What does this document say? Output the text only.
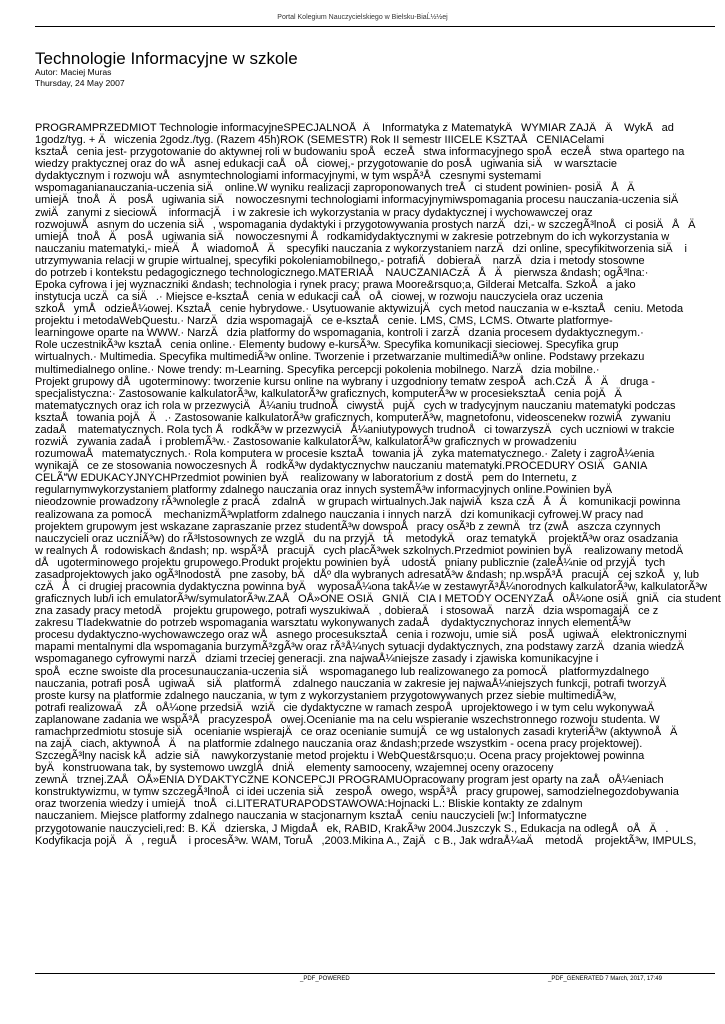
Portal Kolegium Nauczycielskiego w Bielsku-BiaĹ½½ej
Technologie Informacyjne w szkole
Autor: Maciej Muras
Thursday, 24 May 2007
PROGRAMPRZEDMIOT Technologie informacyjneSPECJALNOÅÄ Informatyka z MatematykÄWYMIAR ZAJÄÄ WykÅad
1godz/tyg. + Äwiczenia 2godz./tyg. (Razem 45h)ROK (SEMESTR) Rok II semestr IIICELE KSZTAÅCENIACelami
ksztaÅcenia jest- przygotowanie do aktywnej roli w budowaniu spoÅeczeÅstwa informacyjnego spoÅeczeÅstwa opartego na
wiedzy praktycznej oraz do wÅasnej edukacji caÅoÅciowej,- przygotowanie do posÅugiwania siÄ w warsztacie
dydaktycznym i rozwoju wÅasnymtechnologiami informacyjnymi, w tym wspÃ³Åczesnymi systemami
wspomaganianauczania-uczenia siÄ online.W wyniku realizacji zaproponowanych treÅci student powinien- posiÄÅÄ
umiejÄtnoÅÄ posÅugiwania siÄ nowoczesnymi technologiami informacyjnymiwspomagania procesu nauczania-uczenia siÄ
zwiÄzanymi z sieciowÄ informacjÄ i w zakresie ich wykorzystania w pracy dydaktycznej i wychowawczej oraz
rozwojuwÅasnym do uczenia siÄ, wspomagania dydaktyki i przygotowywania prostych narzÄdzi,- w szczegÃ³lnoÅci posiÄÅÄ
umiejÄtnoÅÄ posÅugiwania siÄ nowoczesnymi Årodkamidydaktycznymi w zakresie potrzebnym do ich wykorzystania w
nauczaniu matematyki,- mieÄ ÅwiadomoÅÄ specyfiki nauczania z wykorzystaniem narzÄdzi online, specyfikitworzenia siÄ i
utrzymywania relacji w grupie wirtualnej, specyfiki pokoleniamobilnego,- potrafiÄ dobieraÄ narzÄdzia i metody stosowne
do potrzeb i kontekstu pedagogicznego technologicznego.MATERIAÅ NAUCZANIACzÄÅÄ pierwsza &ndash; ogÃ³lna:·
Epoka cyfrowa i jej wyznaczniki &ndash; technologia i rynek pracy; prawa Moore&rsquo;a, Gilderai Metcalfa. SzkoÅa jako
instytucja uczÄca siÄ.· Miejsce e-ksztaÅcenia w edukacji caÅoÅciowej, w rozwoju nauczyciela oraz uczenia
szkoÅymÅodzieÅ¼owej. KsztaÅcenie hybrydowe.· Usytuowanie aktywizujÄcych metod nauczania w e-ksztaÅceniu. Metoda
projektu i metodaWebQuestu.· NarzÄdzia wspomagajÄce e-ksztaÅcenie. LMS, CMS, LCMS. Otwarte platformye-
learningowe oparte na WWW.· NarzÄdzia platformy do wspomagania, kontroli i zarzÄdzania procesem dydaktycznegym.·
Role uczestnikÃ³w ksztaÅcenia online.· Elementy budowy e-kursÃ³w. Specyfika komunikacji sieciowej. Specyfika grup
wirtualnych.· Multimedia. Specyfika multimediÃ³w online. Tworzenie i przetwarzanie multimediÃ³w online. Podstawy przekazu
multimedialnego online.· Nowe trendy: m-Learning. Specyfika percepcji pokolenia mobilnego. NarzÄdzia mobilne.·
Projekt grupowy dÅugoterminowy: tworzenie kursu online na wybrany i uzgodniony tematw zespoÅach.CzÄÅÄ druga -
specjalistyczna:· Zastosowanie kalkulatorÃ³w, kalkulatorÃ³w graficznych, komputerÃ³w w procesieksztaÅcenia pojÄÄ
matematycznych oraz ich rola w przezwyciÄÅ¼aniu trudnoÅciwystÄpujÄcych w tradycyjnym nauczaniu matematyki podczas
ksztaÅtowania pojÄÄ.· Zastosowanie kalkulatorÃ³w graficznych, komputerÃ³w, magnetofonu, videoscenekw rozwiÄzywaniu
zadaÅ matematycznych. Rola tych ÅrodkÃ³w w przezwyciÄÅ¼aniutypowych trudnoÅci towarzyszÄcych uczniowi w trakcie
rozwiÄzywania zadaÅi problemÃ³w.· Zastosowanie kalkulatorÃ³w, kalkulatorÃ³w graficznych w prowadzeniu
rozumowaÅmatematycznych.· Rola komputera w procesie ksztaÅtowania jÄzyka matematycznego.· Zalety i zagroÅ¼enia
wynikajÄce ze stosowania nowoczesnych ÅrodkÃ³w dydaktycznychw nauczaniu matematyki.PROCEDURY OSIÄGANIA
CELÃW EDUKACYJNYCHPrzedmiot powinien byÄ realizowany w laboratorium z dostÄpem do Internetu, z
regularnymwykorzystaniem platformy zdalnego nauczania oraz innych systemÃ³w informacyjnych online.Powinien byÄ
nieodzownie prowadzony rÃ³wnolegle z pracÄ zdalnÄ w grupach wirtualnych.Jak najwiÄksza czÄÅÄ komunikacji powinna
realizowana za pomocÄ mechanizmÃ³wplatform zdalnego nauczania i innych narzÄdzi komunikacji cyfrowej.W pracy nad
projektem grupowym jest wskazane zapraszanie przez studentÃ³w dowspoÅpracy osÃ³b z zewnÄtrz (zwÅaszcza czynnych
nauczycieli oraz uczniÃ³w) do rÃ³lstosownych ze wzglÄdu na przyjÄtÄ metodykÄ oraz tematykÄ projektÃ³w oraz osadzania
w realnych Årodowiskach &ndash; np. wspÃ³ÅpracujÄcych placÃ³wek szkolnych.Przedmiot powinien byÄ realizowany metodÄ
dÅugoterminowego projektu grupowego.Produkt projektu powinien byÄ udostÄpniany publicznie (zaleÅ¼nie od przyjÄtych
zasadprojektowych jako ogÃ³lnodostÄpne zasoby, bÄdÅº dla wybranych adresatÃ³w &ndash; np.wspÃ³ÅpracujÄcej szkoÅy, lub
czÄÅci drugiej pracownia dydaktyczna powinna byÄ wyposaÅ¼ona takÅ¼e w zestawyrÃ³Å¼norodnych kalkulatorÃ³w, kalkulatorÃ³w
graficznych lub/i ich emulatorÃ³w/symulatorÃ³w.ZAÅOÅ»ONE OSIÄGNIÄCIA I METODY OCENYZaÅoÅ¼one osiÄgniÄcia student
zna zasady pracy metodÄ projektu grupowego, potrafi wyszukiwaÄ, dobieraÄ i stosowaÄ narzÄdzia wspomagajÄce z
zakresu TIadekwatnie do potrzeb wspomagania warsztatu wykonywanych zadaÅ dydaktycznychoraz innych elementÃ³w
procesu dydaktyczno-wychowawczego oraz wÅasnego procesuksztaÅcenia i rozwoju, umie siÄ posÅugiwaÄ elektronicznymi
mapami mentalnymi dla wspomagania burzymÃ³zgÃ³w oraz rÃ³Å¼nych sytuacji dydaktycznych, zna podstawy zarzÄdzania wiedzÄ
wspomaganego cyfrowymi narzÄdziami trzeciej generacji. zna najwaÅ¼niejsze zasady i zjawiska komunikacyjne i
spoÅeczne swoiste dla procesunauczania-uczenia siÄ wspomaganego lub realizowanego za pomocÄ platformyzdalnego
nauczania, potrafi posÅugiwaÄ siÄ platformÄ zdalnego nauczania w zakresie jej najwaÅ¼niejszych funkcji, potrafi tworzyÄ
proste kursy na platformie zdalnego nauczania, w tym z wykorzystaniem przygotowywanych przez siebie multimediÃ³w,
potrafi realizowaÄ zÅoÅ¼one przedsiÄwziÄcie dydaktyczne w ramach zespoÅuprojektowego i w tym celu wykonywaÄ
zaplanowane zadania we wspÃ³ÅpracyzespoÅowej.Ocenianie ma na celu wspieranie wszechstronnego rozwoju studenta. W
ramachprzedmiotu stosuje siÄ ocenianie wspierajÄce oraz ocenianie sumujÄce wg ustalonych zasadi kryteriÃ³w (aktywnoÅÄ
na zajÄciach, aktywnoÅÄ na platformie zdalnego nauczania oraz &ndash;przede wszystkim - ocena pracy projektowej).
SzczegÃ³lny nacisk kÅadzie siÄ nawykorzystanie metod projektu i WebQuest&rsquo;u. Ocena pracy projektowej powinna
byÄkonstruowana tak, by systemowo uwzglÄdniÄ elementy samooceny, wzajemnej oceny orazoceny
zewnÄtrznej.ZAÅOÅ»ENIA DYDAKTYCZNE KONCEPCJI PROGRAMUOpracowany program jest oparty na zaÅoÅ¼eniach
konstruktywizmu, w tymw szczegÃ³lnoÅci idei uczenia siÄ zespoÅowego, wspÃ³Åpracy grupowej, samodzielnegozdobywania
oraz tworzenia wiedzy i umiejÄtnoÅci.LITERATURAPODSTAWOWA:Hojnacki L.: Bliskie kontakty ze zdalnym
nauczaniem. Miejsce platformy zdalnego nauczania w stacjonarnym ksztaÅceniu nauczycieli [w:] Informatyczne
przygotowanie nauczycieli,red: B. KÄdzierska, J MigdaÅek, RABID, KrakÃ³w 2004.Juszczyk S., Edukacja na odlegÅoÅÄ.
Kodyfikacja pojÄÄ, reguÅ i procesÃ³w. WAM, ToruÅ,2003.Mikina A., ZajÄc B., Jak wdraÅ¼aÄ metodÄ projektÃ³w, IMPULS,
_PDF_POWERED	_PDF_GENERATED 7 March, 2017, 17:49
